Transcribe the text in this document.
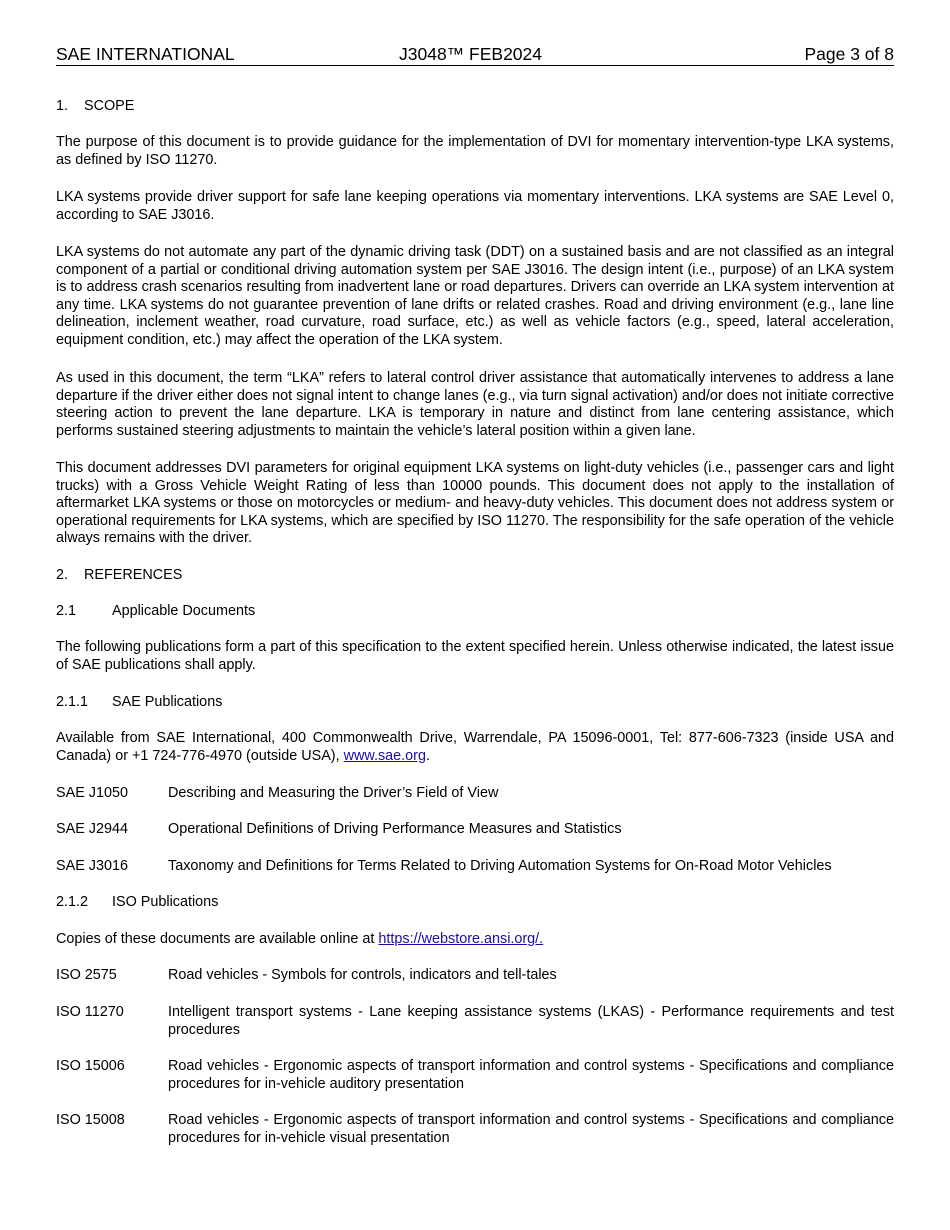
SAE INTERNATIONAL	J3048™ FEB2024	Page 3 of 8
1. SCOPE

The purpose of this document is to provide guidance for the implementation of DVI for momentary intervention-type LKA systems, as defined by ISO 11270.

LKA systems provide driver support for safe lane keeping operations via momentary interventions. LKA systems are SAE Level 0, according to SAE J3016.

LKA systems do not automate any part of the dynamic driving task (DDT) on a sustained basis and are not classified as an integral component of a partial or conditional driving automation system per SAE J3016. The design intent (i.e., purpose) of an LKA system is to address crash scenarios resulting from inadvertent lane or road departures. Drivers can override an LKA system intervention at any time. LKA systems do not guarantee prevention of lane drifts or related crashes. Road and driving environment (e.g., lane line delineation, inclement weather, road curvature, road surface, etc.) as well as vehicle factors (e.g., speed, lateral acceleration, equipment condition, etc.) may affect the operation of the LKA system.

As used in this document, the term “LKA” refers to lateral control driver assistance that automatically intervenes to address a lane departure if the driver either does not signal intent to change lanes (e.g., via turn signal activation) and/or does not initiate corrective steering action to prevent the lane departure. LKA is temporary in nature and distinct from lane centering assistance, which performs sustained steering adjustments to maintain the vehicle’s lateral position within a given lane.

This document addresses DVI parameters for original equipment LKA systems on light-duty vehicles (i.e., passenger cars and light trucks) with a Gross Vehicle Weight Rating of less than 10000 pounds. This document does not apply to the installation of aftermarket LKA systems or those on motorcycles or medium- and heavy-duty vehicles. This document does not address system or operational requirements for LKA systems, which are specified by ISO 11270. The responsibility for the safe operation of the vehicle always remains with the driver.

2. REFERENCES
2.1 Applicable Documents

The following publications form a part of this specification to the extent specified herein. Unless otherwise indicated, the latest issue of SAE publications shall apply.

2.1.1 SAE Publications

Available from SAE International, 400 Commonwealth Drive, Warrendale, PA 15096-0001, Tel: 877-606-7323 (inside USA and Canada) or +1 724-776-4970 (outside USA), www.sae.org.

SAE J1050	Describing and Measuring the Driver’s Field of View
SAE J2944	Operational Definitions of Driving Performance Measures and Statistics
SAE J3016	Taxonomy and Definitions for Terms Related to Driving Automation Systems for On-Road Motor Vehicles
2.1.2 ISO Publications

Copies of these documents are available online at https://webstore.ansi.org/.

ISO 2575	Road vehicles - Symbols for controls, indicators and tell-tales
ISO 11270	Intelligent transport systems - Lane keeping assistance systems (LKAS) - Performance requirements and test procedures
ISO 15006	Road vehicles - Ergonomic aspects of transport information and control systems - Specifications and compliance procedures for in-vehicle auditory presentation
ISO 15008	Road vehicles - Ergonomic aspects of transport information and control systems - Specifications and compliance procedures for in-vehicle visual presentation
